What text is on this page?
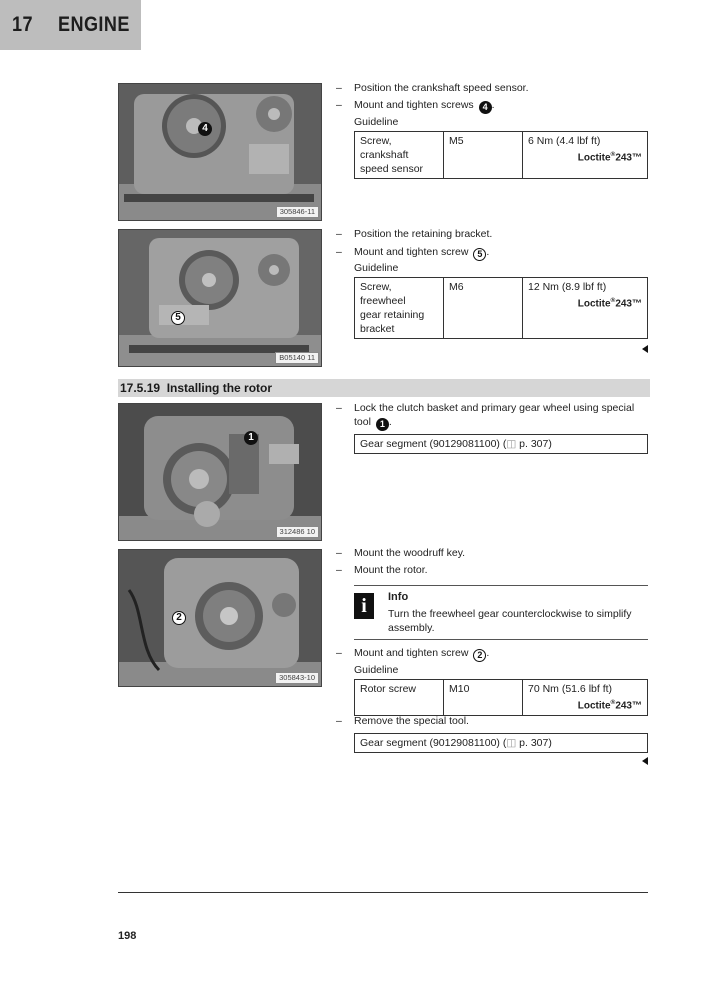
17 ENGINE
4
305846-11
5
B05140 11
– Position the crankshaft speed sensor.
– Mount and tighten screws 4 .
Guideline
Screw,
crankshaft
speed sensor
	M5	6 Nm (4.4 lbf ft)
Loctite®243™
– Position the retaining bracket.
– Mount and tighten screw 5 .
Guideline
Screw,
freewheel
gear retaining
bracket
	M6	12 Nm (8.9 lbf ft)
Loctite®243™
17.5.19 Installing the rotor
1
312486 10
– Lock the clutch basket and primary gear wheel using special
tool 1 .
Gear segment (90129081100) (◫ p. 307)
2
305843-10
– Mount the woodruff key.
– Mount the rotor.
i	Info
Turn the freewheel gear counterclockwise to simplify
assembly.
– Mount and tighten screw 2 .
Guideline
Rotor screw	M10	70 Nm (51.6 lbf ft)
Loctite®243™
– Remove the special tool.
Gear segment (90129081100) (◫ p. 307)
198
